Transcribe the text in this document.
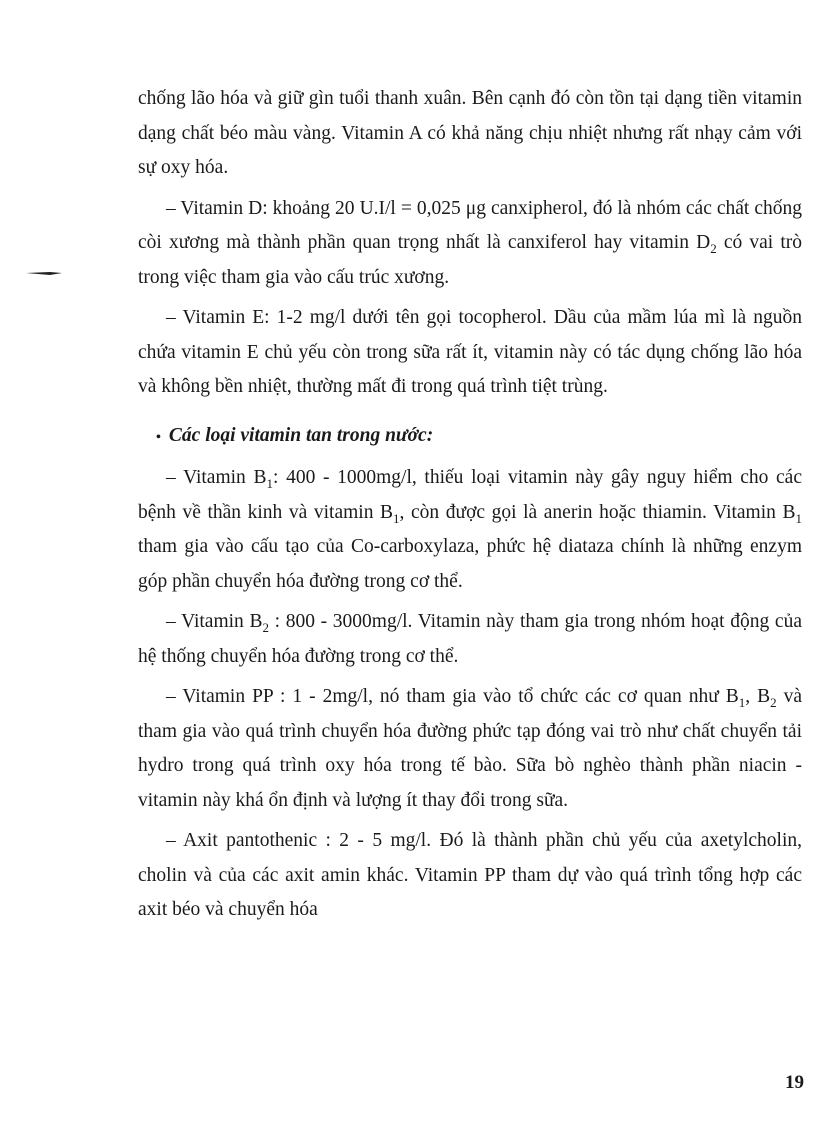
chống lão hóa và giữ gìn tuổi thanh xuân. Bên cạnh đó còn tồn tại dạng tiền vitamin dạng chất béo màu vàng. Vitamin A có khả năng chịu nhiệt nhưng rất nhạy cảm với sự oxy hóa.

– Vitamin D: khoảng 20 U.I/l = 0,025 μg canxipherol, đó là nhóm các chất chống còi xương mà thành phần quan trọng nhất là canxiferol hay vitamin $D_2$ có vai trò trong việc tham gia vào cấu trúc xương.

– Vitamin E: 1-2 mg/l dưới tên gọi tocopherol. Dầu của mầm lúa mì là nguồn chứa vitamin E chủ yếu còn trong sữa rất ít, vitamin này có tác dụng chống lão hóa và không bền nhiệt, thường mất đi trong quá trình tiệt trùng.

• Các loại vitamin tan trong nước:

– Vitamin $B_1$: 400 - 1000mg/l, thiếu loại vitamin này gây nguy hiểm cho các bệnh về thần kinh và vitamin $B_1$, còn được gọi là anerin hoặc thiamin. Vitamin $B_1$ tham gia vào cấu tạo của Co-carboxylaza, phức hệ diataza chính là những enzym góp phần chuyển hóa đường trong cơ thể.

– Vitamin $B_2$ : 800 - 3000mg/l. Vitamin này tham gia trong nhóm hoạt động của hệ thống chuyển hóa đường trong cơ thể.

– Vitamin PP : 1 - 2mg/l, nó tham gia vào tổ chức các cơ quan như $B_1$, $B_2$ và tham gia vào quá trình chuyển hóa đường phức tạp đóng vai trò như chất chuyển tải hydro trong quá trình oxy hóa trong tế bào. Sữa bò nghèo thành phần niacin - vitamin này khá ổn định và lượng ít thay đổi trong sữa.

– Axit pantothenic : 2 - 5 mg/l. Đó là thành phần chủ yếu của axetylcholin, cholin và của các axit amin khác. Vitamin PP tham dự vào quá trình tổng hợp các axit béo và chuyển hóa

19
